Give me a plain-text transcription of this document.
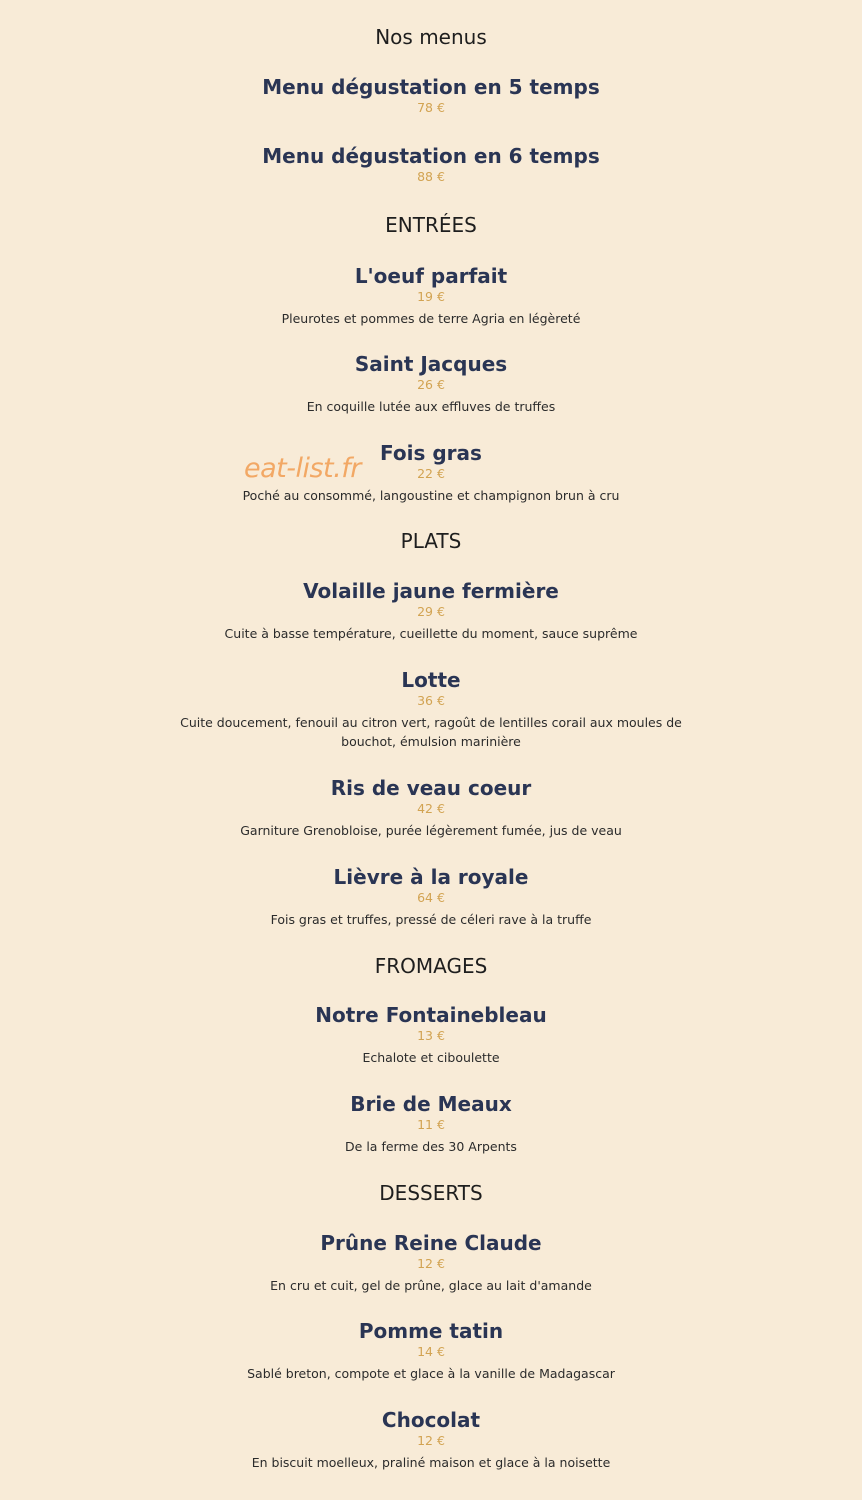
Nos menus
Menu dégustation en 5 temps
78 €
Menu dégustation en 6 temps
88 €
ENTRÉES
L'oeuf parfait
19 €
Pleurotes et pommes de terre Agria en légèreté
Saint Jacques
26 €
En coquille lutée aux effluves de truffes
Fois gras
22 €
Poché au consommé, langoustine et champignon brun à cru
PLATS
Volaille jaune fermière
29 €
Cuite à basse température, cueillette du moment, sauce suprême
Lotte
36 €
Cuite doucement, fenouil au citron vert, ragoût de lentilles corail aux moules de bouchot, émulsion marinière
Ris de veau coeur
42 €
Garniture Grenobloise, purée légèrement fumée, jus de veau
Lièvre à la royale
64 €
Fois gras et truffes, pressé de céleri rave à la truffe
FROMAGES
Notre Fontainebleau
13 €
Echalote et ciboulette
Brie de Meaux
11 €
De la ferme des 30 Arpents
DESSERTS
Prûne Reine Claude
12 €
En cru et cuit, gel de prûne, glace au lait d'amande
Pomme tatin
14 €
Sablé breton, compote et glace à la vanille de Madagascar
Chocolat
12 €
En biscuit moelleux, praliné maison et glace à la noisette
eat-list.fr
